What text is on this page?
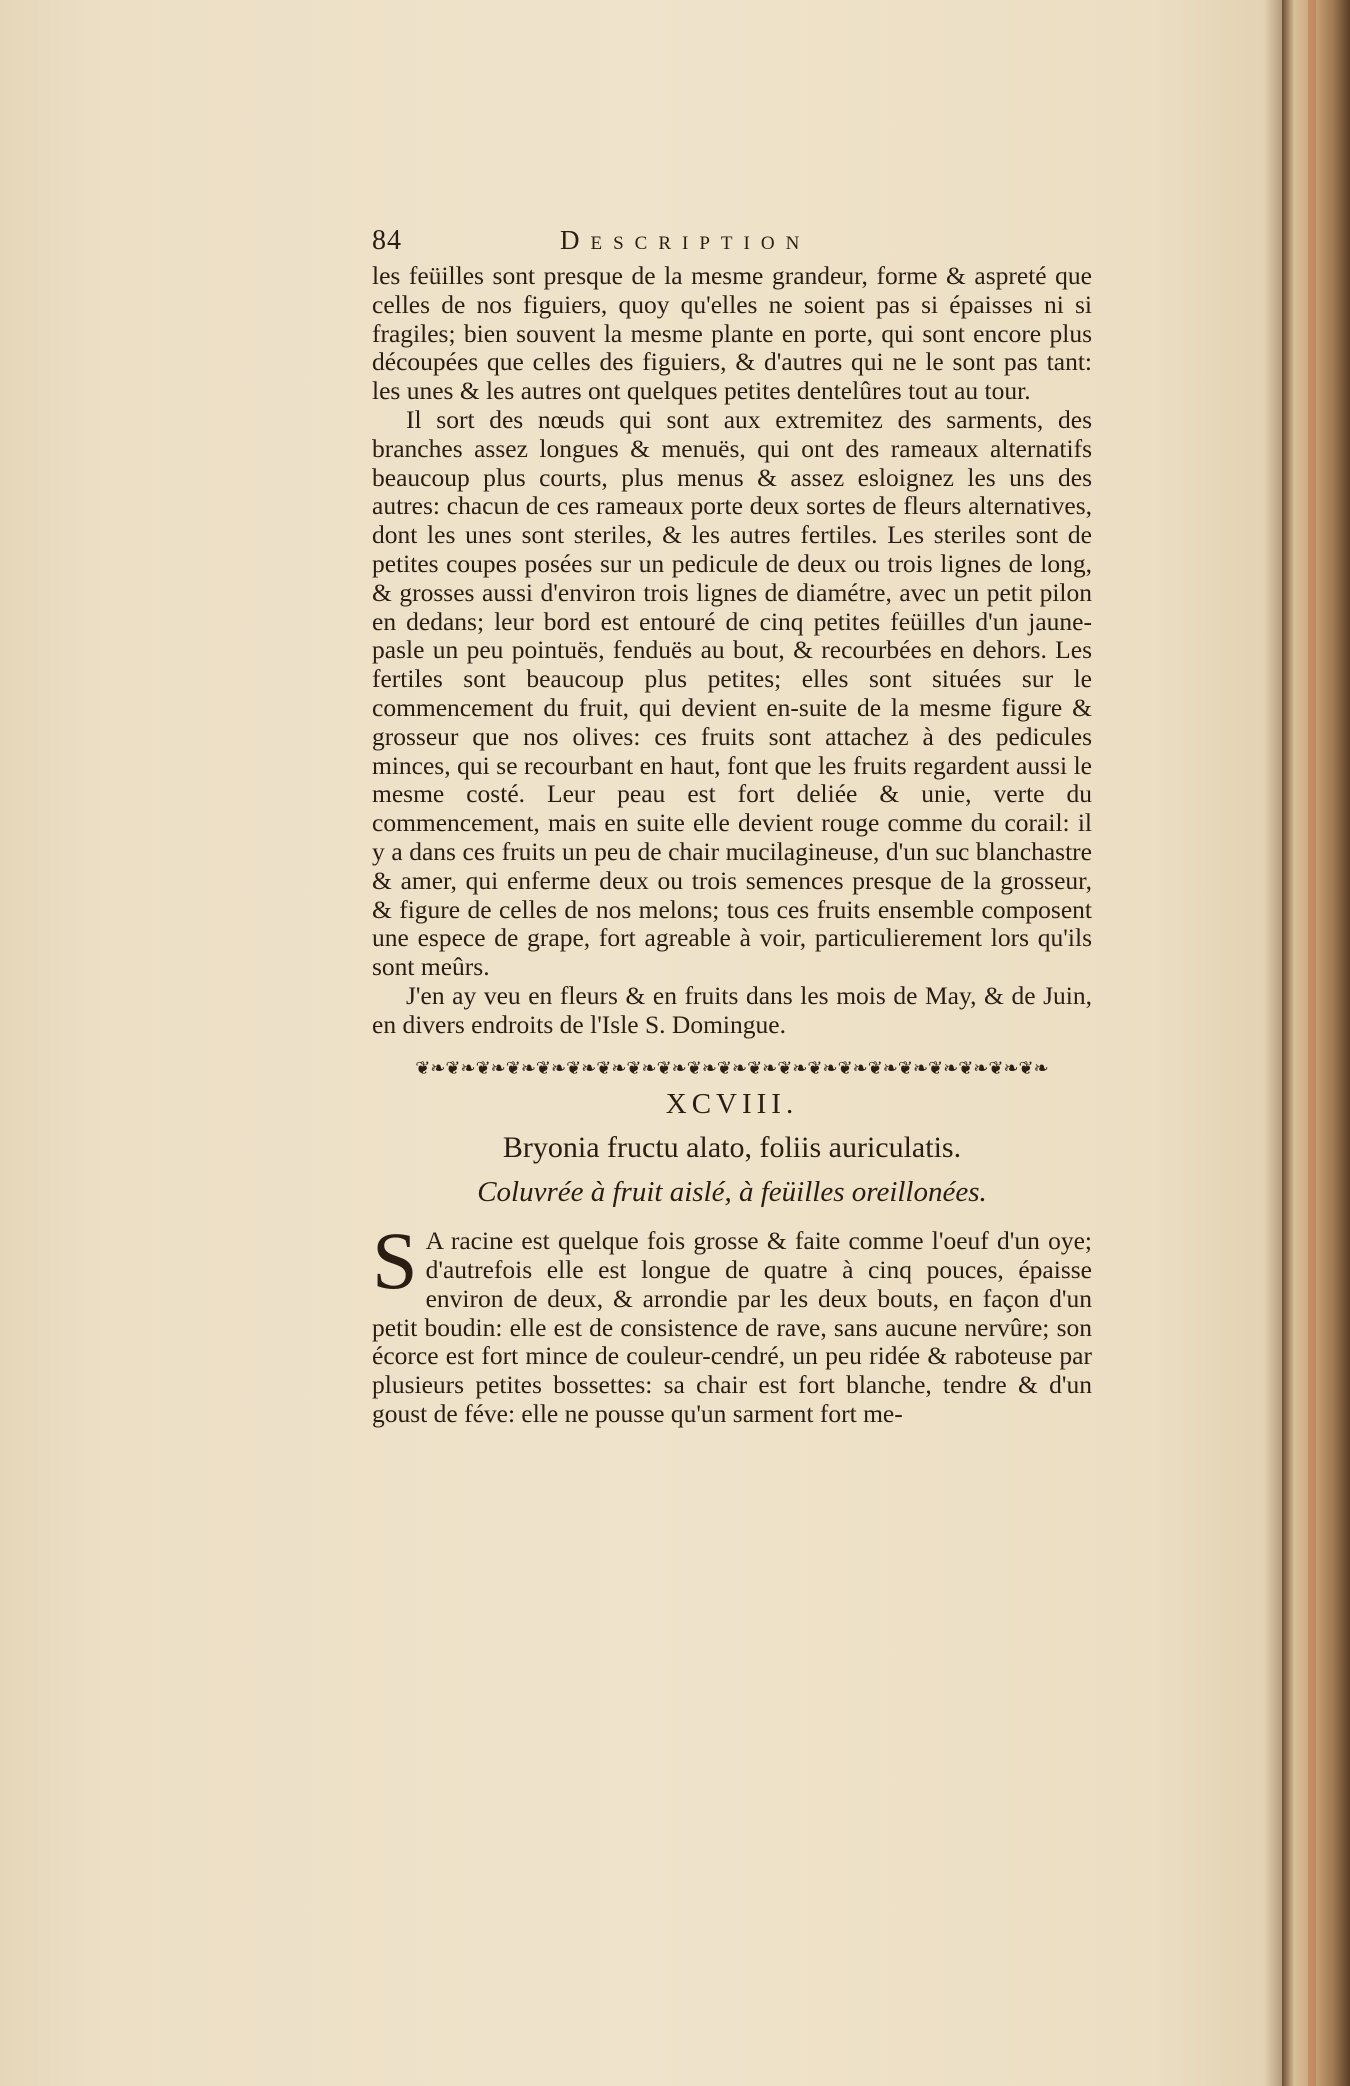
84	Description

les feüilles sont presque de la mesme grandeur, forme & aspreté que celles de nos figuiers, quoy qu'elles ne soient pas si épaisses ni si fragiles; bien souvent la mesme plante en porte, qui sont encore plus découpées que celles des figuiers, & d'autres qui ne le sont pas tant: les unes & les autres ont quelques petites dentelûres tout au tour.

Il sort des nœuds qui sont aux extremitez des sarments, des branches assez longues & menuës, qui ont des rameaux alternatifs beaucoup plus courts, plus menus & assez esloignez les uns des autres: chacun de ces rameaux porte deux sortes de fleurs alternatives, dont les unes sont steriles, & les autres fertiles. Les steriles sont de petites coupes posées sur un pedicule de deux ou trois lignes de long, & grosses aussi d'environ trois lignes de diamétre, avec un petit pilon en dedans; leur bord est entouré de cinq petites feüilles d'un jaune-pasle un peu pointuës, fenduës au bout, & recourbées en dehors. Les fertiles sont beaucoup plus petites; elles sont situées sur le commencement du fruit, qui devient en-suite de la mesme figure & grosseur que nos olives: ces fruits sont attachez à des pedicules minces, qui se recourbant en haut, font que les fruits regardent aussi le mesme costé. Leur peau est fort deliée & unie, verte du commencement, mais en suite elle devient rouge comme du corail: il y a dans ces fruits un peu de chair mucilagineuse, d'un suc blanchastre & amer, qui enferme deux ou trois semences presque de la grosseur, & figure de celles de nos melons; tous ces fruits ensemble composent une espece de grape, fort agreable à voir, particulierement lors qu'ils sont meûrs.

J'en ay veu en fleurs & en fruits dans les mois de May, & de Juin, en divers endroits de l'Isle S. Domingue.

❦❧❦❧❦❧❦❧❦❧❦❧❦❧❦❧❦❧❦❧❦❧❦❧❦❧❦❧❦❧❦❧❦❧❦❧❦❧❦❧❦❧
XCVIII.
Bryonia fructu alato, foliis auriculatis.
Coluvrée à fruit aislé, à feüilles oreillonées.

S A racine est quelque fois grosse & faite comme l'oeuf d'un oye; d'autrefois elle est longue de quatre à cinq pouces, épaisse environ de deux, & arrondie par les deux bouts, en façon d'un petit boudin: elle est de consistence de rave, sans aucune nervûre; son écorce est fort mince de couleur-cendré, un peu ridée & raboteuse par plusieurs petites bossettes: sa chair est fort blanche, tendre & d'un goust de féve: elle ne pousse qu'un sarment fort me-
